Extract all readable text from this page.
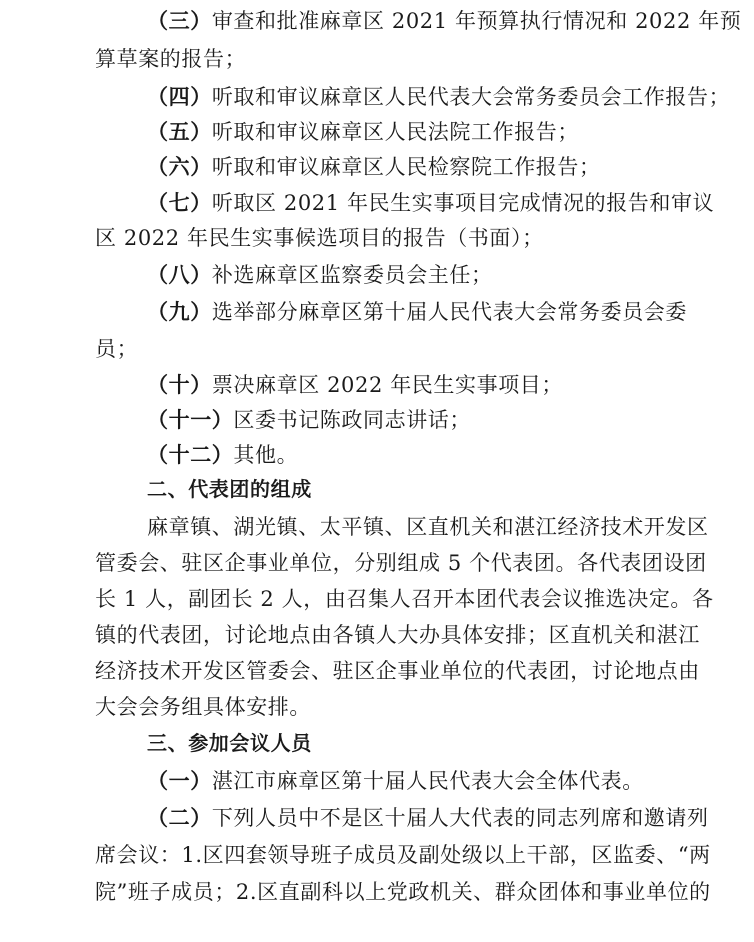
（三）审查和批准麻章区 2021 年预算执行情况和 2022 年预
算草案的报告；
（四）听取和审议麻章区人民代表大会常务委员会工作报告；
（五）听取和审议麻章区人民法院工作报告；
（六）听取和审议麻章区人民检察院工作报告；
（七）听取区 2021 年民生实事项目完成情况的报告和审议
区 2022 年民生实事候选项目的报告（书面）；
（八）补选麻章区监察委员会主任；
（九）选举部分麻章区第十届人民代表大会常务委员会委
员；
（十）票决麻章区 2022 年民生实事项目；
（十一）区委书记陈政同志讲话；
（十二）其他。
二、代表团的组成
麻章镇、湖光镇、太平镇、区直机关和湛江经济技术开发区
管委会、驻区企事业单位，分别组成 5 个代表团。各代表团设团
长 1 人，副团长 2 人，由召集人召开本团代表会议推选决定。各
镇的代表团，讨论地点由各镇人大办具体安排；区直机关和湛江
经济技术开发区管委会、驻区企事业单位的代表团，讨论地点由
大会会务组具体安排。
三、参加会议人员
（一）湛江市麻章区第十届人民代表大会全体代表。
（二）下列人员中不是区十届人大代表的同志列席和邀请列
席会议：1.区四套领导班子成员及副处级以上干部，区监委、“两
院”班子成员；2.区直副科以上党政机关、群众团体和事业单位的
